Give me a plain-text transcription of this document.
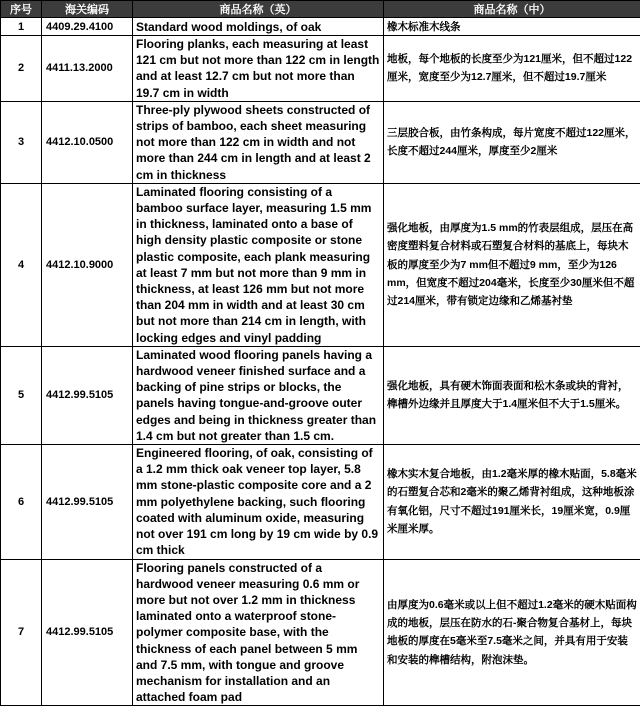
序号	海关编码	商品名称（英）	商品名称（中）
1	4409.29.4100	Standard wood moldings, of oak	橡木标准木线条
2	4411.13.2000	Flooring planks, each measuring at least 121 cm but not more than 122 cm in length and at least 12.7 cm but not more than 19.7 cm in width	地板，每个地板的长度至少为121厘米，但不超过122厘米，宽度至少为12.7厘米，但不超过19.7厘米
3	4412.10.0500	Three-ply plywood sheets constructed of strips of bamboo, each sheet measuring not more than 122 cm in width and not more than 244 cm in length and at least 2 cm in thickness	三层胶合板，由竹条构成，每片宽度不超过122厘米，长度不超过244厘米，厚度至少2厘米
4	4412.10.9000	Laminated flooring consisting of a bamboo surface layer, measuring 1.5 mm in thickness, laminated onto a base of high density plastic composite or stone plastic composite, each plank measuring at least 7 mm but not more than 9 mm in thickness, at least 126 mm but not more than 204 mm in width and at least 30 cm but not more than 214 cm in length, with locking edges and vinyl padding	强化地板，由厚度为1.5 mm的竹表层组成，层压在高密度塑料复合材料或石塑复合材料的基底上，每块木板的厚度至少为7 mm但不超过9 mm，至少为126 mm，但宽度不超过204毫米，长度至少30厘米但不超过214厘米，带有锁定边缘和乙烯基衬垫
5	4412.99.5105	Laminated wood flooring panels having a hardwood veneer finished surface and a backing of pine strips or blocks, the panels having tongue-and-groove outer edges and being in thickness greater than 1.4 cm but not greater than 1.5 cm.	强化地板，具有硬木饰面表面和松木条或块的背衬，榫槽外边缘并且厚度大于1.4厘米但不大于1.5厘米。
6	4412.99.5105	Engineered flooring, of oak, consisting of a 1.2 mm thick oak veneer top layer, 5.8 mm stone-plastic composite core and a 2 mm polyethylene backing, such flooring coated with aluminum oxide, measuring not over 191 cm long by 19 cm wide by 0.9 cm thick	橡木实木复合地板，由1.2毫米厚的橡木贴面，5.8毫米的石塑复合芯和2毫米的聚乙烯背衬组成，这种地板涂有氧化铝，尺寸不超过191厘米长，19厘米宽，0.9厘米厘米厚。
7	4412.99.5105	Flooring panels constructed of a hardwood veneer measuring 0.6 mm or more but not over 1.2 mm in thickness laminated onto a waterproof stone-polymer composite base, with the thickness of each panel between 5 mm and 7.5 mm, with tongue and groove mechanism for installation and an attached foam pad	由厚度为0.6毫米或以上但不超过1.2毫米的硬木贴面构成的地板，层压在防水的石-聚合物复合基材上，每块地板的厚度在5毫米至7.5毫米之间，并具有用于安装和安装的榫槽结构，附泡沫垫。
